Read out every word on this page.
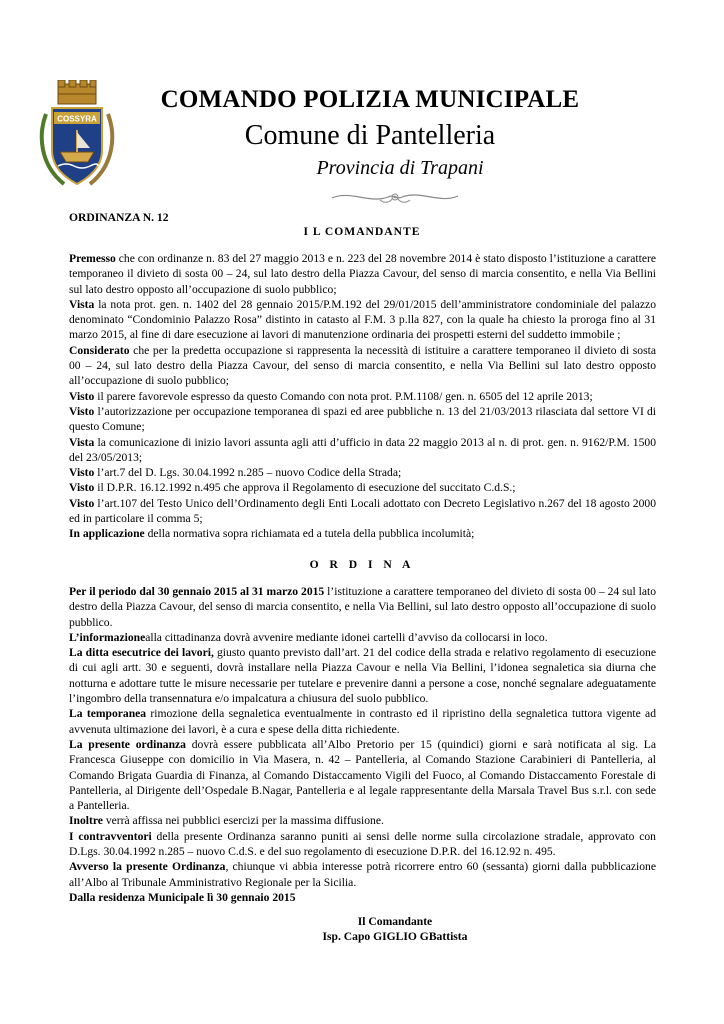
COSSYRA
COMANDO POLIZIA MUNICIPALE
Comune di Pantelleria
Provincia di Trapani
ORDINANZA N. 12
I L COMANDANTE

Premesso che con ordinanze n. 83 del 27 maggio 2013 e n. 223 del 28 novembre 2014 è stato disposto l’istituzione a carattere temporaneo il divieto di sosta 00 – 24, sul lato destro della Piazza Cavour, del senso di marcia consentito, e nella Via Bellini sul lato destro opposto all’occupazione di suolo pubblico;

Vista la nota prot. gen. n. 1402 del 28 gennaio 2015/P.M.192 del 29/01/2015 dell’amministratore condominiale del palazzo denominato “Condominio Palazzo Rosa” distinto in catasto al F.M. 3 p.lla 827, con la quale ha chiesto la proroga fino al 31 marzo 2015, al fine di dare esecuzione ai lavori di manutenzione ordinaria dei prospetti esterni del suddetto immobile ;

Considerato che per la predetta occupazione si rappresenta la necessità di istituire a carattere temporaneo il divieto di sosta 00 – 24, sul lato destro della Piazza Cavour, del senso di marcia consentito, e nella Via Bellini sul lato destro opposto all’occupazione di suolo pubblico;

Visto il parere favorevole espresso da questo Comando con nota prot. P.M.1108/ gen. n. 6505 del 12 aprile 2013;

Visto l’autorizzazione per occupazione temporanea di spazi ed aree pubbliche n. 13 del 21/03/2013 rilasciata dal settore VI di questo Comune;

Vista la comunicazione di inizio lavori assunta agli atti d’ufficio in data 22 maggio 2013 al n. di prot. gen. n. 9162/P.M. 1500 del 23/05/2013;

Visto l’art.7 del D. Lgs. 30.04.1992 n.285 – nuovo Codice della Strada;

Visto il D.P.R. 16.12.1992 n.495 che approva il Regolamento di esecuzione del succitato C.d.S.;

Visto l’art.107 del Testo Unico dell’Ordinamento degli Enti Locali adottato con Decreto Legislativo n.267 del 18 agosto 2000 ed in particolare il comma 5;

In applicazione della normativa sopra richiamata ed a tutela della pubblica incolumità;

O R D I N A

Per il periodo dal 30 gennaio 2015 al 31 marzo 2015 l’istituzione a carattere temporaneo del divieto di sosta 00 – 24 sul lato destro della Piazza Cavour, del senso di marcia consentito, e nella Via Bellini, sul lato destro opposto all’occupazione di suolo pubblico.

L’informazionealla cittadinanza dovrà avvenire mediante idonei cartelli d’avviso da collocarsi in loco.

La ditta esecutrice dei lavori, giusto quanto previsto dall’art. 21 del codice della strada e relativo regolamento di esecuzione di cui agli artt. 30 e seguenti, dovrà installare nella Piazza Cavour e nella Via Bellini, l’idonea segnaletica sia diurna che notturna e adottare tutte le misure necessarie per tutelare e prevenire danni a persone a cose, nonché segnalare adeguatamente l’ingombro della transennatura e/o impalcatura a chiusura del suolo pubblico.

La temporanea rimozione della segnaletica eventualmente in contrasto ed il ripristino della segnaletica tuttora vigente ad avvenuta ultimazione dei lavori, è a cura e spese della ditta richiedente.

La presente ordinanza dovrà essere pubblicata all’Albo Pretorio per 15 (quindici) giorni e sarà notificata al sig. La Francesca Giuseppe con domicilio in Via Masera, n. 42 – Pantelleria, al Comando Stazione Carabinieri di Pantelleria, al Comando Brigata Guardia di Finanza, al Comando Distaccamento Vigili del Fuoco, al Comando Distaccamento Forestale di Pantelleria, al Dirigente dell’Ospedale B.Nagar, Pantelleria e al legale rappresentante della Marsala Travel Bus s.r.l. con sede a Pantelleria.

Inoltre verrà affissa nei pubblici esercizi per la massima diffusione.

I contravventori della presente Ordinanza saranno puniti ai sensi delle norme sulla circolazione stradale, approvato con D.Lgs. 30.04.1992 n.285 – nuovo C.d.S. e del suo regolamento di esecuzione D.P.R. del 16.12.92 n. 495.

Avverso la presente Ordinanza, chiunque vi abbia interesse potrà ricorrere entro 60 (sessanta) giorni dalla pubblicazione all’Albo al Tribunale Amministrativo Regionale per la Sicilia.

Dalla residenza Municipale lì 30 gennaio 2015

Il Comandante
Isp. Capo GIGLIO GBattista
